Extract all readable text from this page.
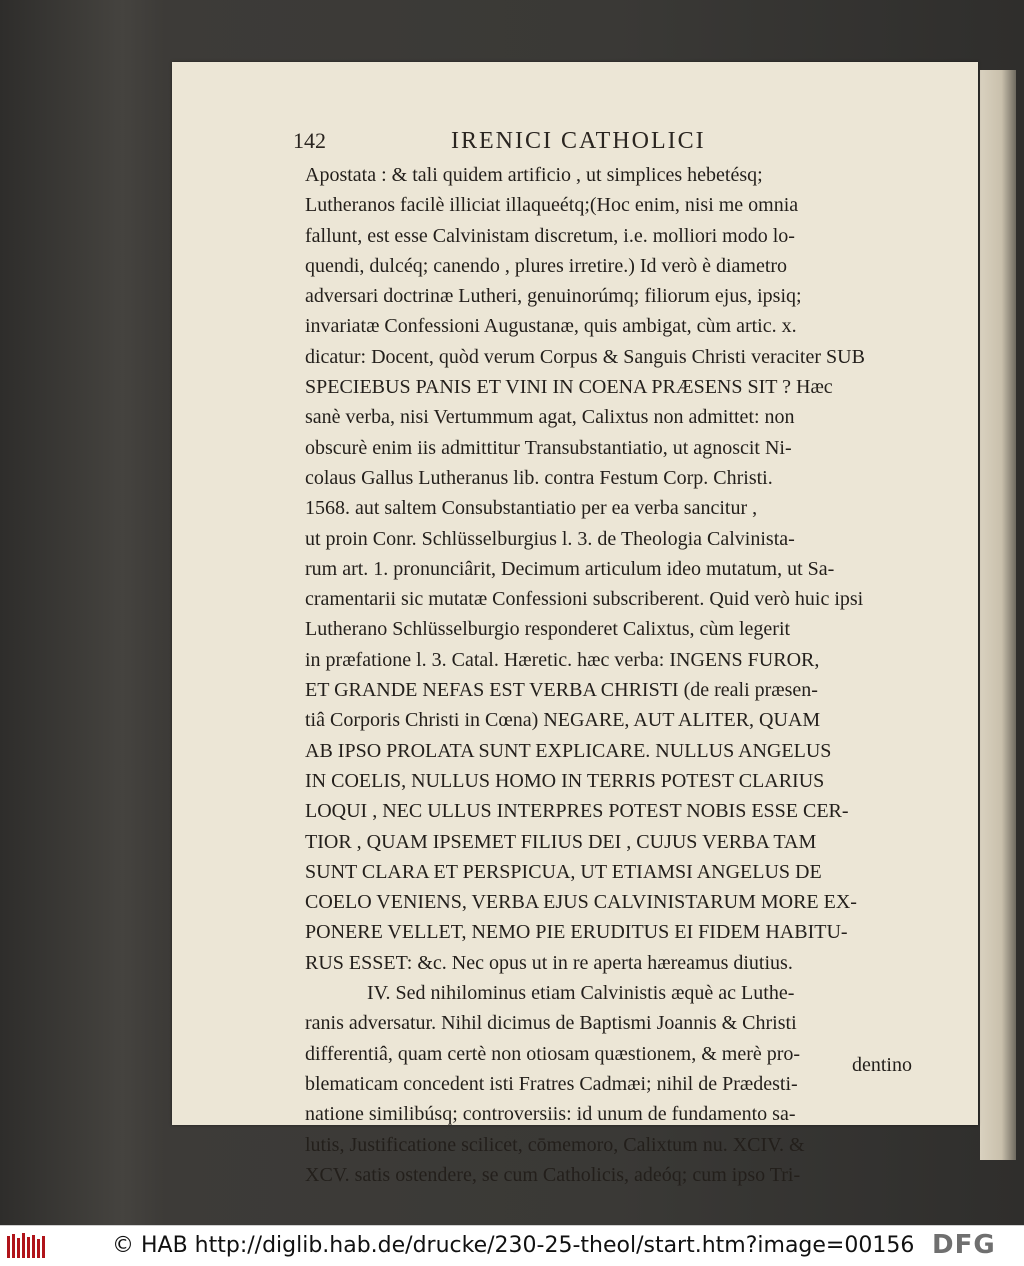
142	IRENICI CATHOLICI
Apostata : & tali quidem artificio , ut simplices hebetésq;
Lutheranos facilè illiciat illaqueétq;(Hoc enim, nisi me omnia
fallunt, est esse Calvinistam discretum, i.e. molliori modo lo-
quendi, dulcéq; canendo , plures irretire.) Id verò è diametro
adversari doctrinæ Lutheri, genuinorúmq; filiorum ejus, ipsiq;
invariatæ Confessioni Augustanæ, quis ambigat, cùm artic. x.
dicatur: Docent, quòd verum Corpus & Sanguis Christi veraciter SUB
SPECIEBUS PANIS ET VINI IN COENA PRÆSENS SIT ? Hæc
sanè verba, nisi Vertummum agat, Calixtus non admittet: non
obscurè enim iis admittitur Transubstantiatio, ut agnoscit Ni-
colaus Gallus Lutheranus lib. contra Festum Corp. Christi.
1568. aut saltem Consubstantiatio per ea verba sancitur ,
ut proin Conr. Schlüsselburgius l. 3. de Theologia Calvinista-
rum art. 1. pronunciârit, Decimum articulum ideo mutatum, ut Sa-
cramentarii sic mutatæ Confessioni subscriberent. Quid verò huic ipsi
Lutherano Schlüsselburgio responderet Calixtus, cùm legerit
in præfatione l. 3. Catal. Hæretic. hæc verba: INGENS FUROR,
ET GRANDE NEFAS EST VERBA CHRISTI (de reali præsen-
tiâ Corporis Christi in Cœna) NEGARE, AUT ALITER, QUAM
AB IPSO PROLATA SUNT EXPLICARE. NULLUS ANGELUS
IN COELIS, NULLUS HOMO IN TERRIS POTEST CLARIUS
LOQUI , NEC ULLUS INTERPRES POTEST NOBIS ESSE CER-
TIOR , QUAM IPSEMET FILIUS DEI , CUJUS VERBA TAM
SUNT CLARA ET PERSPICUA, UT ETIAMSI ANGELUS DE
COELO VENIENS, VERBA EJUS CALVINISTARUM MORE EX-
PONERE VELLET, NEMO PIE ERUDITUS EI FIDEM HABITU-
RUS ESSET: &c. Nec opus ut in re aperta hæreamus diutius.
IV. Sed nihilominus etiam Calvinistis æquè ac Luthe-
ranis adversatur. Nihil dicimus de Baptismi Joannis & Christi
differentiâ, quam certè non otiosam quæstionem, & merè pro-
blematicam concedent isti Fratres Cadmæi; nihil de Prædesti-
natione similibúsq; controversiis: id unum de fundamento sa-
lutis, Justificatione scilicet, cōmemoro, Calixtum nu. XCIV. &
XCV. satis ostendere, se cum Catholicis, adeóq; cum ipso Tri-
dentino
© HAB http://diglib.hab.de/drucke/230-25-theol/start.htm?image=00156 DFG
